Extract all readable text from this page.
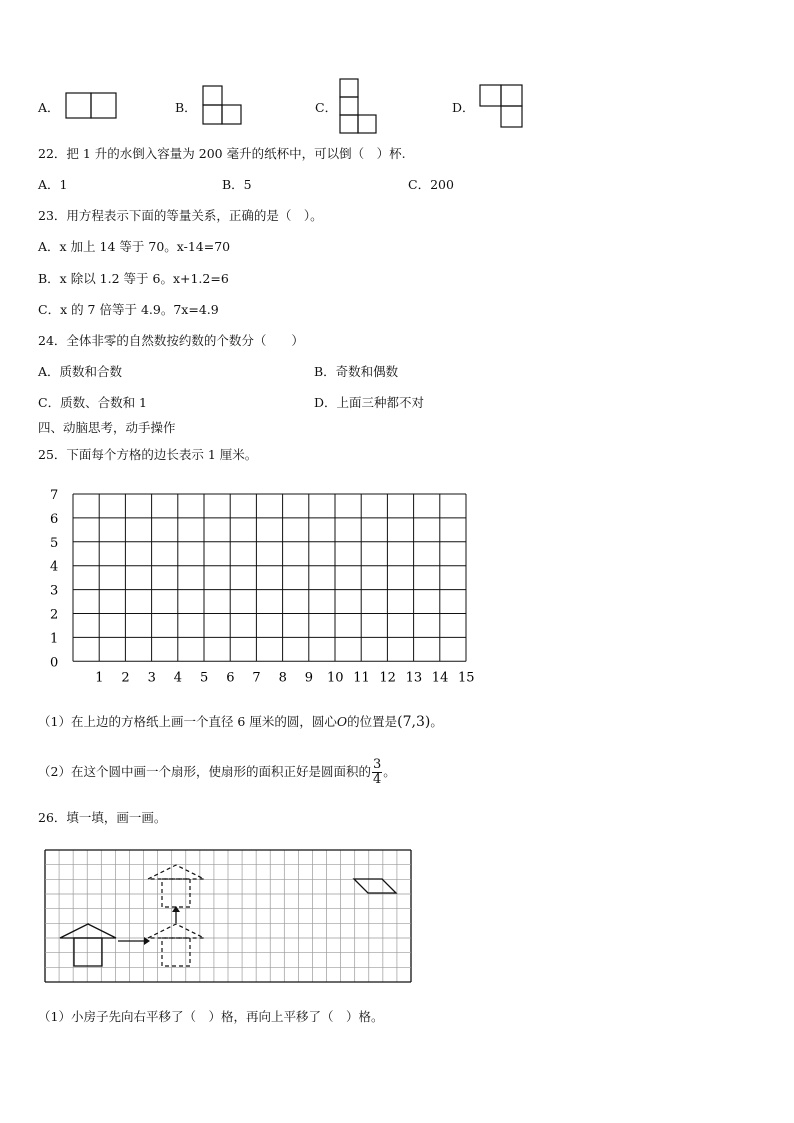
A．	B．	C．	D．
22．把 1 升的水倒入容量为 200 毫升的纸杯中，可以倒（　）杯.
A．1	B．5	C．200
23．用方程表示下面的等量关系，正确的是（　）。
A．x 加上 14 等于 70。x-14=70
B．x 除以 1.2 等于 6。x+1.2=6
C．x 的 7 倍等于 4.9。7x=4.9
24．全体非零的自然数按约数的个数分（　　）
A．质数和合数	B．奇数和偶数
C．质数、合数和 1	D．上面三种都不对
四、动脑思考，动手操作
25．下面每个方格的边长表示 1 厘米。
7
6
5
4
3
2
1
0
1 2 3 4 5 6 7 8 9 10 11 12 13 14 15
（1）在上边的方格纸上画一个直径 6 厘米的圆，圆心O的位置是(7,3)。
（2）在这个圆中画一个扇形，使扇形的面积正好是圆面积的 $\frac{3}{4}$ 。
26．填一填，画一画。
（1）小房子先向右平移了（　）格，再向上平移了（　）格。
